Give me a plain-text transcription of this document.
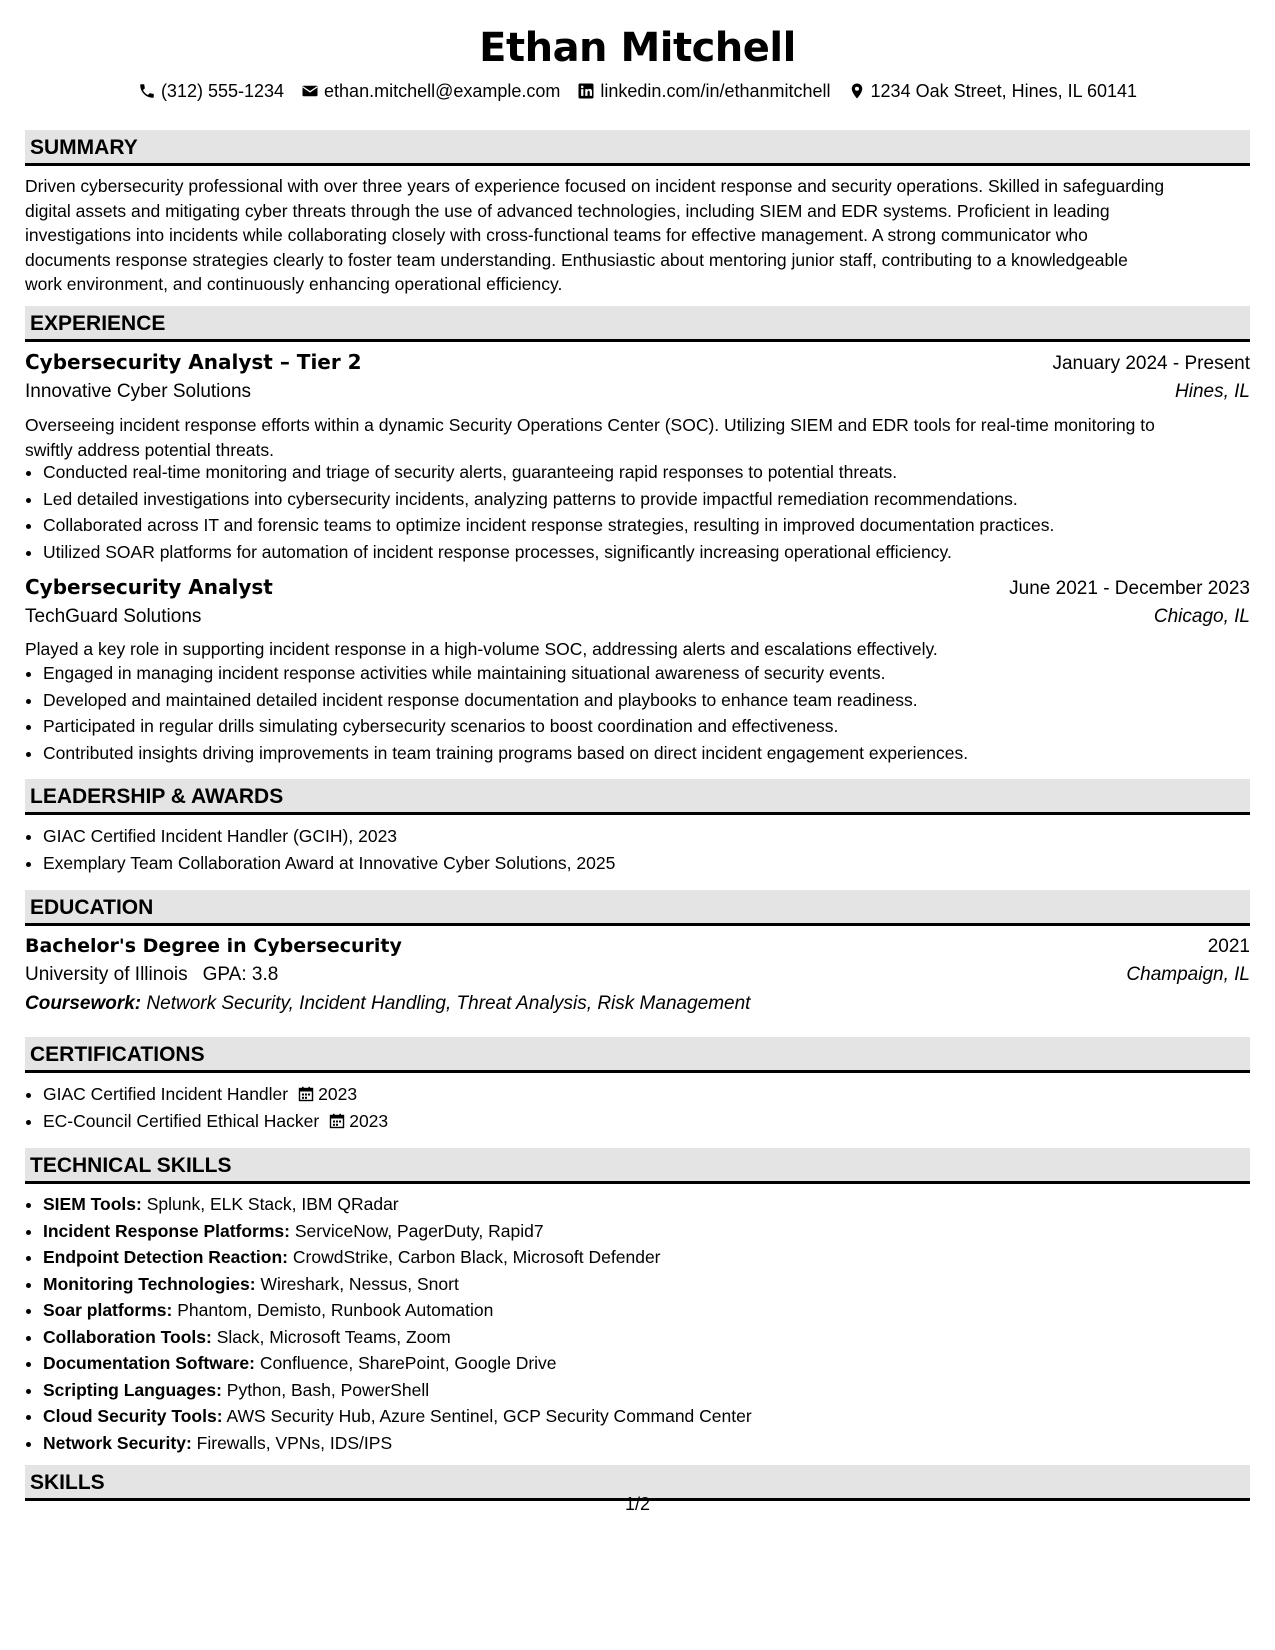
Ethan Mitchell
(312) 555-1234 ethan.mitchell@example.com linkedin.com/in/ethanmitchell 1234 Oak Street, Hines, IL 60141
SUMMARY
Driven cybersecurity professional with over three years of experience focused on incident response and security operations. Skilled in safeguarding
digital assets and mitigating cyber threats through the use of advanced technologies, including SIEM and EDR systems. Proficient in leading
investigations into incidents while collaborating closely with cross-functional teams for effective management. A strong communicator who
documents response strategies clearly to foster team understanding. Enthusiastic about mentoring junior staff, contributing to a knowledgeable
work environment, and continuously enhancing operational efficiency.
EXPERIENCE
Cybersecurity Analyst – Tier 2	January 2024 - Present
Innovative Cyber Solutions	Hines, IL
Overseeing incident response efforts within a dynamic Security Operations Center (SOC). Utilizing SIEM and EDR tools for real-time monitoring to
swiftly address potential threats.
• Conducted real-time monitoring and triage of security alerts, guaranteeing rapid responses to potential threats.
• Led detailed investigations into cybersecurity incidents, analyzing patterns to provide impactful remediation recommendations.
• Collaborated across IT and forensic teams to optimize incident response strategies, resulting in improved documentation practices.
• Utilized SOAR platforms for automation of incident response processes, significantly increasing operational efficiency.
Cybersecurity Analyst	June 2021 - December 2023
TechGuard Solutions	Chicago, IL
Played a key role in supporting incident response in a high-volume SOC, addressing alerts and escalations effectively.
• Engaged in managing incident response activities while maintaining situational awareness of security events.
• Developed and maintained detailed incident response documentation and playbooks to enhance team readiness.
• Participated in regular drills simulating cybersecurity scenarios to boost coordination and effectiveness.
• Contributed insights driving improvements in team training programs based on direct incident engagement experiences.
LEADERSHIP & AWARDS
• GIAC Certified Incident Handler (GCIH), 2023
• Exemplary Team Collaboration Award at Innovative Cyber Solutions, 2025
EDUCATION
Bachelor's Degree in Cybersecurity	2021
University of Illinois GPA: 3.8	Champaign, IL
Coursework: Network Security, Incident Handling, Threat Analysis, Risk Management
CERTIFICATIONS
• GIAC Certified Incident Handler 2023
• EC-Council Certified Ethical Hacker 2023
TECHNICAL SKILLS
• SIEM Tools: Splunk, ELK Stack, IBM QRadar
• Incident Response Platforms: ServiceNow, PagerDuty, Rapid7
• Endpoint Detection Reaction: CrowdStrike, Carbon Black, Microsoft Defender
• Monitoring Technologies: Wireshark, Nessus, Snort
• Soar platforms: Phantom, Demisto, Runbook Automation
• Collaboration Tools: Slack, Microsoft Teams, Zoom
• Documentation Software: Confluence, SharePoint, Google Drive
• Scripting Languages: Python, Bash, PowerShell
• Cloud Security Tools: AWS Security Hub, Azure Sentinel, GCP Security Command Center
• Network Security: Firewalls, VPNs, IDS/IPS
SKILLS
1/2
